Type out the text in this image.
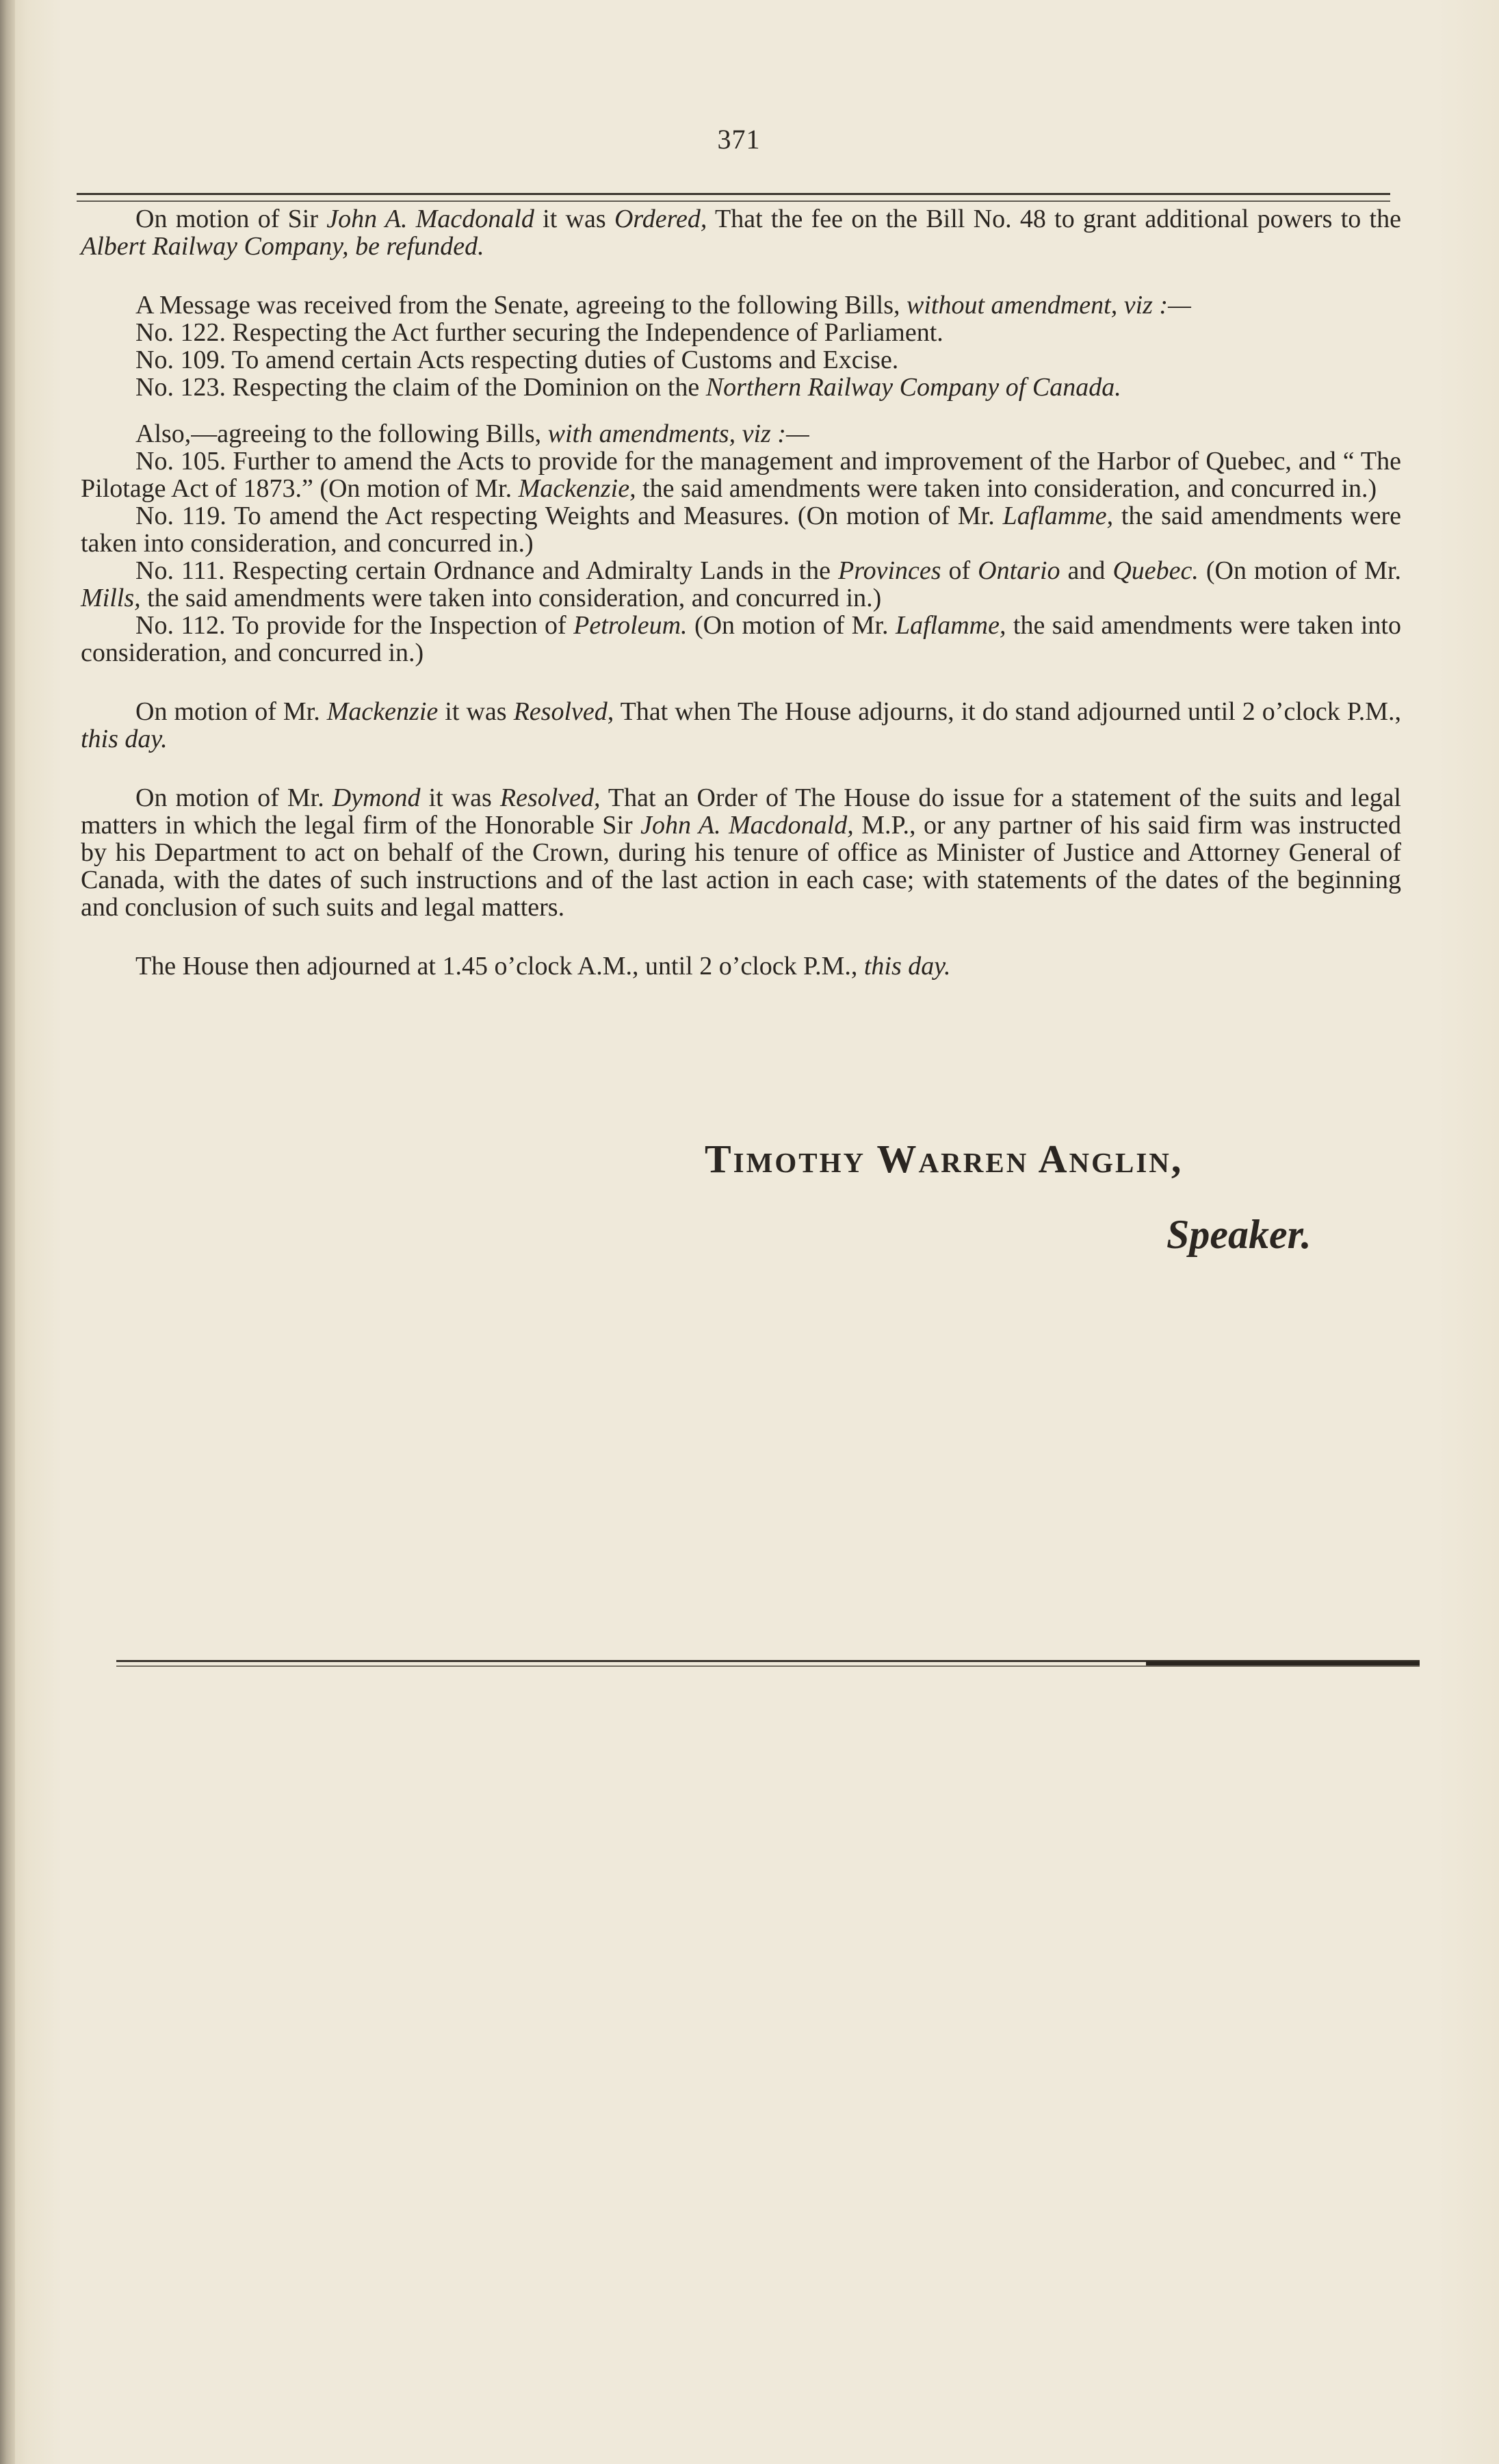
371

On motion of Sir John A. Macdonald it was Ordered, That the fee on the Bill No. 48 to grant additional powers to the Albert Railway Company, be refunded.

A Message was received from the Senate, agreeing to the following Bills, without amendment, viz :—
No. 122. Respecting the Act further securing the Independence of Parliament.
No. 109. To amend certain Acts respecting duties of Customs and Excise.
No. 123. Respecting the claim of the Dominion on the Northern Railway Company of Canada.

Also,—agreeing to the following Bills, with amendments, viz :—

No. 105. Further to amend the Acts to provide for the management and improvement of the Harbor of Quebec, and “ The Pilotage Act of 1873.” (On motion of Mr. Mackenzie, the said amendments were taken into consideration, and concurred in.)

No. 119. To amend the Act respecting Weights and Measures. (On motion of Mr. Laflamme, the said amendments were taken into consideration, and concurred in.)

No. 111. Respecting certain Ordnance and Admiralty Lands in the Provinces of Ontario and Quebec. (On motion of Mr. Mills, the said amendments were taken into consideration, and concurred in.)

No. 112. To provide for the Inspection of Petroleum. (On motion of Mr. Laflamme, the said amendments were taken into consideration, and concurred in.)

On motion of Mr. Mackenzie it was Resolved, That when The House adjourns, it do stand adjourned until 2 o’clock P.M., this day.

On motion of Mr. Dymond it was Resolved, That an Order of The House do issue for a statement of the suits and legal matters in which the legal firm of the Honorable Sir John A. Macdonald, M.P., or any partner of his said firm was instructed by his Department to act on behalf of the Crown, during his tenure of office as Minister of Justice and Attorney General of Canada, with the dates of such instructions and of the last action in each case; with statements of the dates of the beginning and conclusion of such suits and legal matters.

The House then adjourned at 1.45 o’clock A.M., until 2 o’clock P.M., this day.

Timothy Warren Anglin,
Speaker.
